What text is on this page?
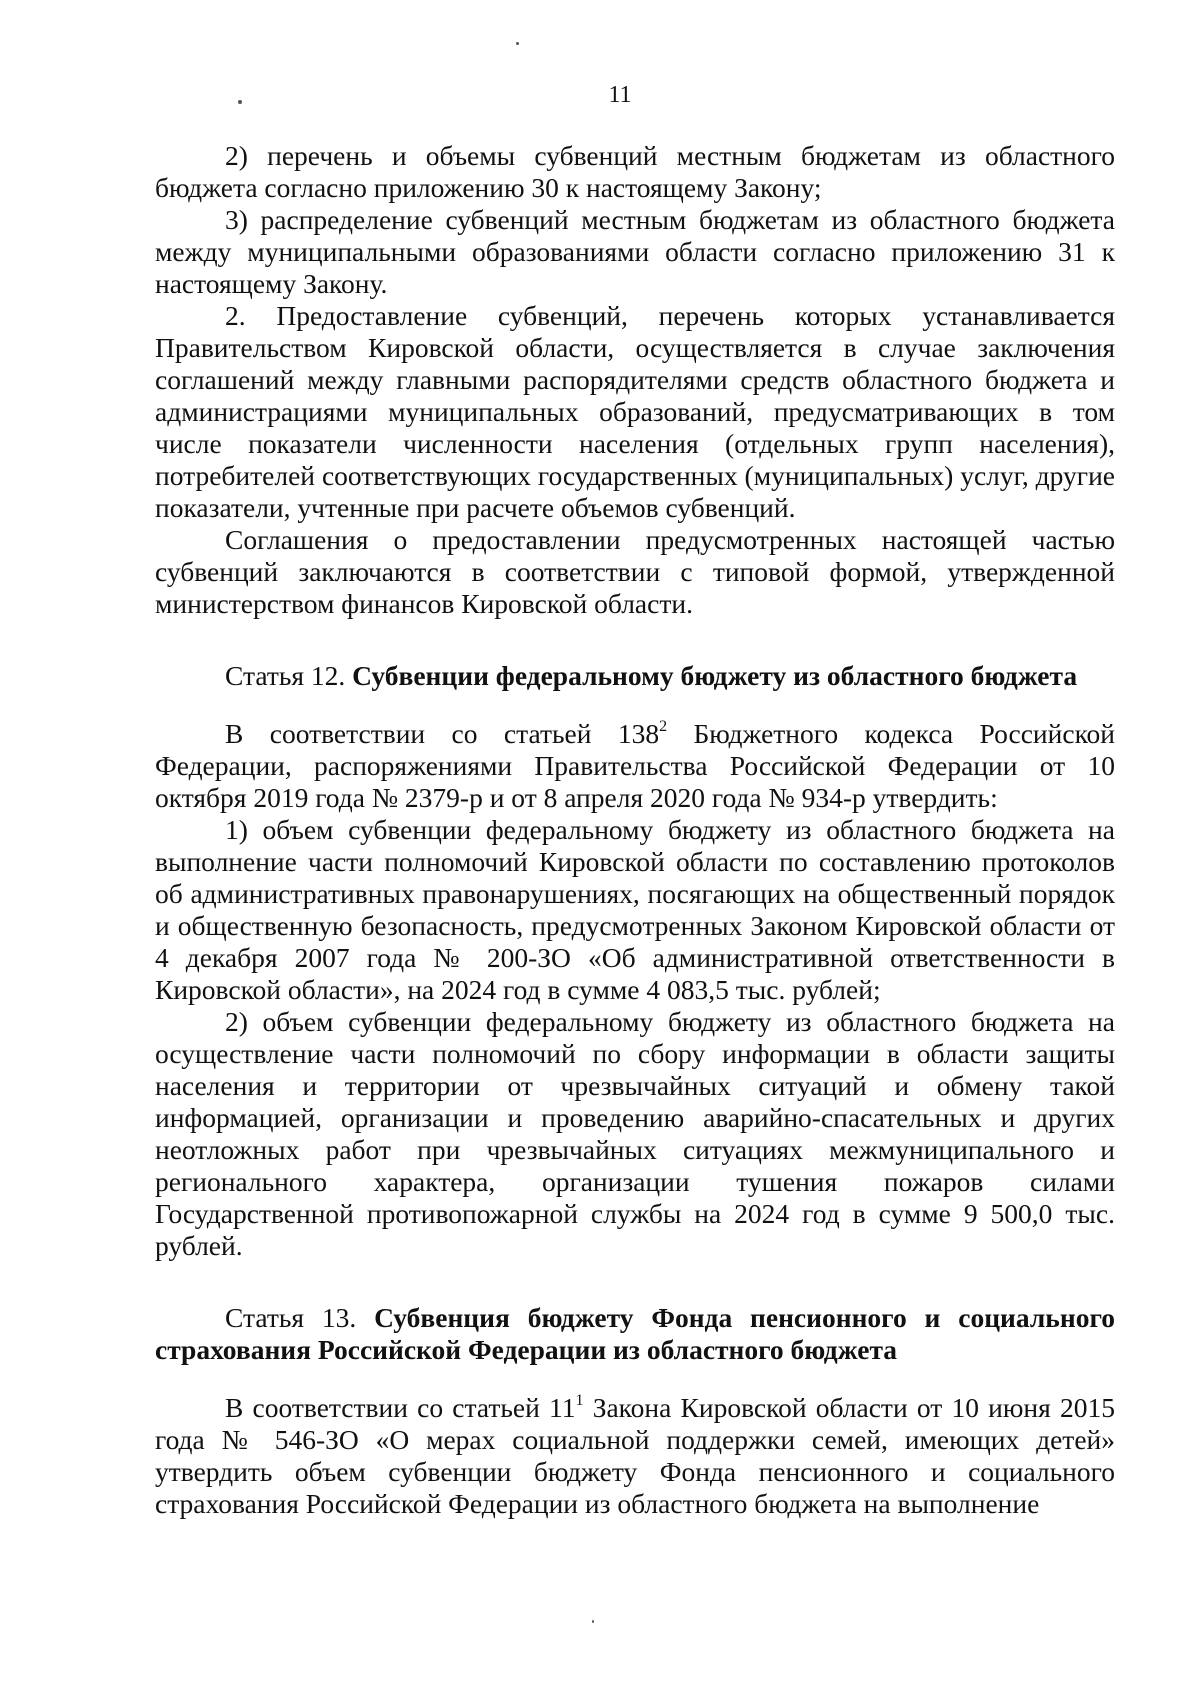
11

2) перечень и объемы субвенций местным бюджетам из областного бюджета согласно приложению 30 к настоящему Закону;

3) распределение субвенций местным бюджетам из областного бюджета между муниципальными образованиями области согласно приложению 31 к настоящему Закону.

2. Предоставление субвенций, перечень которых устанавливается Правительством Кировской области, осуществляется в случае заключения соглашений между главными распорядителями средств областного бюджета и администрациями муниципальных образований, предусматривающих в том числе показатели численности населения (отдельных групп населения), потребителей соответствующих государственных (муниципальных) услуг, другие показатели, учтенные при расчете объемов субвенций.

Соглашения о предоставлении предусмотренных настоящей частью субвенций заключаются в соответствии с типовой формой, утвержденной министерством финансов Кировской области.

Статья 12. Субвенции федеральному бюджету из областного бюджета

В соответствии со статьей $138^2$ Бюджетного кодекса Российской Федерации, распоряжениями Правительства Российской Федерации от 10 октября 2019 года № 2379-р и от 8 апреля 2020 года № 934-р утвердить:

1) объем субвенции федеральному бюджету из областного бюджета на выполнение части полномочий Кировской области по составлению протоколов об административных правонарушениях, посягающих на общественный порядок и общественную безопасность, предусмотренных Законом Кировской области от 4 декабря 2007 года № 200-ЗО «Об административной ответственности в Кировской области», на 2024 год в сумме 4 083,5 тыс. рублей;

2) объем субвенции федеральному бюджету из областного бюджета на осуществление части полномочий по сбору информации в области защиты населения и территории от чрезвычайных ситуаций и обмену такой информацией, организации и проведению аварийно-спасательных и других неотложных работ при чрезвычайных ситуациях межмуниципального и регионального характера, организации тушения пожаров силами Государственной противопожарной службы на 2024 год в сумме 9 500,0 тыс. рублей.

Статья 13. Субвенция бюджету Фонда пенсионного и социального страхования Российской Федерации из областного бюджета

В соответствии со статьей $11^1$ Закона Кировской области от 10 июня 2015 года № 546-ЗО «О мерах социальной поддержки семей, имеющих детей» утвердить объем субвенции бюджету Фонда пенсионного и социального страхования Российской Федерации из областного бюджета на выполнение
